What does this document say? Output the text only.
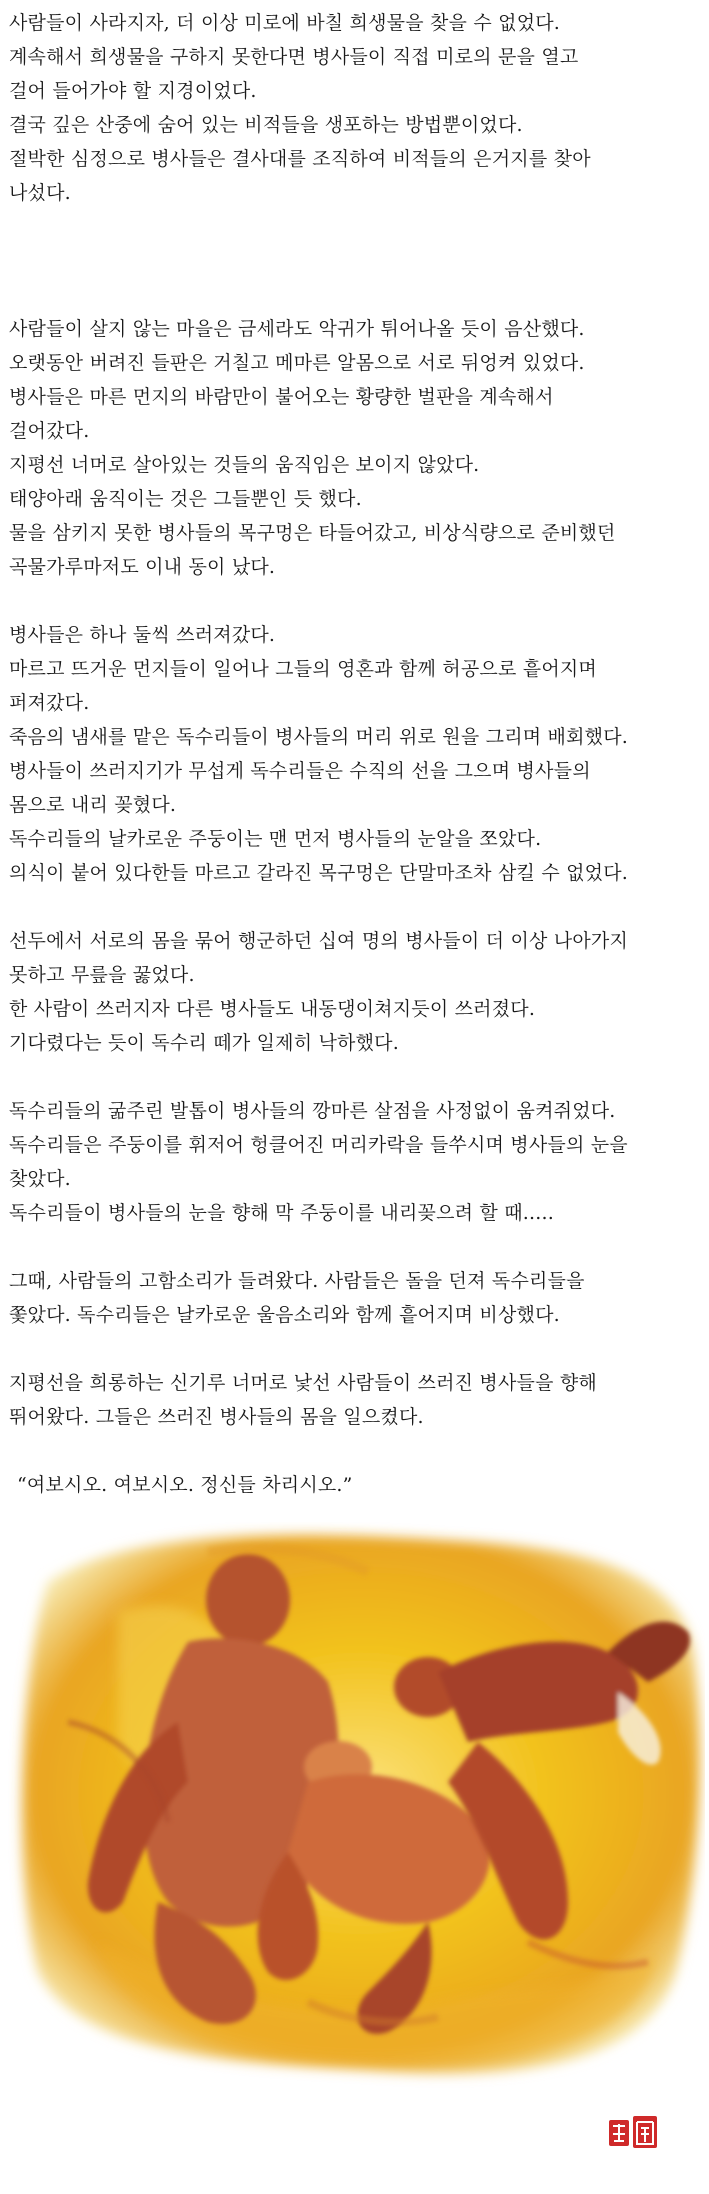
사람들이 사라지자, 더 이상 미로에 바칠 희생물을 찾을 수 없었다.
계속해서 희생물을 구하지 못한다면 병사들이 직접 미로의 문을 열고
걸어 들어가야 할 지경이었다.
결국 깊은 산중에 숨어 있는 비적들을 생포하는 방법뿐이었다.
절박한 심정으로 병사들은 결사대를 조직하여 비적들의 은거지를 찾아
나섰다.
사람들이 살지 않는 마을은 금세라도 악귀가 튀어나올 듯이 음산했다.
오랫동안 버려진 들판은 거칠고 메마른 알몸으로 서로 뒤엉켜 있었다.
병사들은 마른 먼지의 바람만이 불어오는 황량한 벌판을 계속해서
걸어갔다.
지평선 너머로 살아있는 것들의 움직임은 보이지 않았다.
태양아래 움직이는 것은 그들뿐인 듯 했다.
물을 삼키지 못한 병사들의 목구멍은 타들어갔고, 비상식량으로 준비했던
곡물가루마저도 이내 동이 났다.
병사들은 하나 둘씩 쓰러져갔다.
마르고 뜨거운 먼지들이 일어나 그들의 영혼과 함께 허공으로 흩어지며
퍼져갔다.
죽음의 냄새를 맡은 독수리들이 병사들의 머리 위로 원을 그리며 배회했다.
병사들이 쓰러지기가 무섭게 독수리들은 수직의 선을 그으며 병사들의
몸으로 내리 꽂혔다.
독수리들의 날카로운 주둥이는 맨 먼저 병사들의 눈알을 쪼았다.
의식이 붙어 있다한들 마르고 갈라진 목구멍은 단말마조차 삼킬 수 없었다.
선두에서 서로의 몸을 묶어 행군하던 십여 명의 병사들이 더 이상 나아가지
못하고 무릎을 꿇었다.
한 사람이 쓰러지자 다른 병사들도 내동댕이쳐지듯이 쓰러졌다.
기다렸다는 듯이 독수리 떼가 일제히 낙하했다.
독수리들의 굶주린 발톱이 병사들의 깡마른 살점을 사정없이 움켜쥐었다.
독수리들은 주둥이를 휘저어 헝클어진 머리카락을 들쑤시며 병사들의 눈을
찾았다.
독수리들이 병사들의 눈을 향해 막 주둥이를 내리꽂으려 할 때.....
그때, 사람들의 고함소리가 들려왔다. 사람들은 돌을 던져 독수리들을
쫓았다. 독수리들은 날카로운 울음소리와 함께 흩어지며 비상했다.
지평선을 희롱하는 신기루 너머로 낯선 사람들이 쓰러진 병사들을 향해
뛰어왔다. 그들은 쓰러진 병사들의 몸을 일으켰다.
“여보시오. 여보시오. 정신들 차리시오.”
